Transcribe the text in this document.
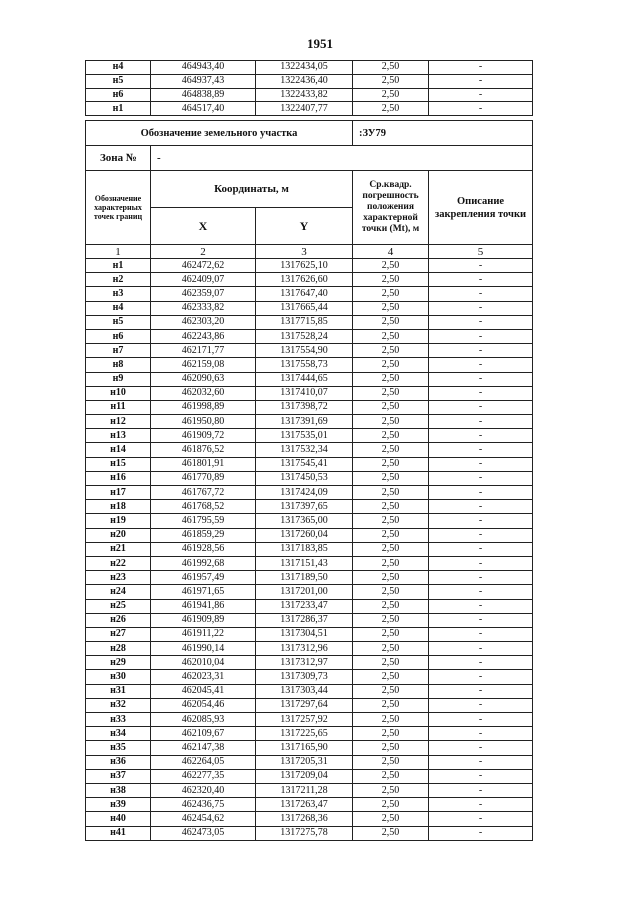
1951
н4	464943,40	1322434,05	2,50	-
н5	464937,43	1322436,40	2,50	-
н6	464838,89	1322433,82	2,50	-
н1	464517,40	1322407,77	2,50	-
Обозначение земельного участка			:ЗУ79	
Зона №	-			
Обозначение характерных точек границ	Координаты, м		Ср.квадр. погрешность положения характерной точки (Mt), м	Описание закрепления точки
	X	Y		
1	2	3	4	5
н1	462472,62	1317625,10	2,50	-
н2	462409,07	1317626,60	2,50	-
н3	462359,07	1317647,40	2,50	-
н4	462333,82	1317665,44	2,50	-
н5	462303,20	1317715,85	2,50	-
н6	462243,86	1317528,24	2,50	-
н7	462171,77	1317554,90	2,50	-
н8	462159,08	1317558,73	2,50	-
н9	462090,63	1317444,65	2,50	-
н10	462032,60	1317410,07	2,50	-
н11	461998,89	1317398,72	2,50	-
н12	461950,80	1317391,69	2,50	-
н13	461909,72	1317535,01	2,50	-
н14	461876,52	1317532,34	2,50	-
н15	461801,91	1317545,41	2,50	-
н16	461770,89	1317450,53	2,50	-
н17	461767,72	1317424,09	2,50	-
н18	461768,52	1317397,65	2,50	-
н19	461795,59	1317365,00	2,50	-
н20	461859,29	1317260,04	2,50	-
н21	461928,56	1317183,85	2,50	-
н22	461992,68	1317151,43	2,50	-
н23	461957,49	1317189,50	2,50	-
н24	461971,65	1317201,00	2,50	-
н25	461941,86	1317233,47	2,50	-
н26	461909,89	1317286,37	2,50	-
н27	461911,22	1317304,51	2,50	-
н28	461990,14	1317312,96	2,50	-
н29	462010,04	1317312,97	2,50	-
н30	462023,31	1317309,73	2,50	-
н31	462045,41	1317303,44	2,50	-
н32	462054,46	1317297,64	2,50	-
н33	462085,93	1317257,92	2,50	-
н34	462109,67	1317225,65	2,50	-
н35	462147,38	1317165,90	2,50	-
н36	462264,05	1317205,31	2,50	-
н37	462277,35	1317209,04	2,50	-
н38	462320,40	1317211,28	2,50	-
н39	462436,75	1317263,47	2,50	-
н40	462454,62	1317268,36	2,50	-
н41	462473,05	1317275,78	2,50	-
